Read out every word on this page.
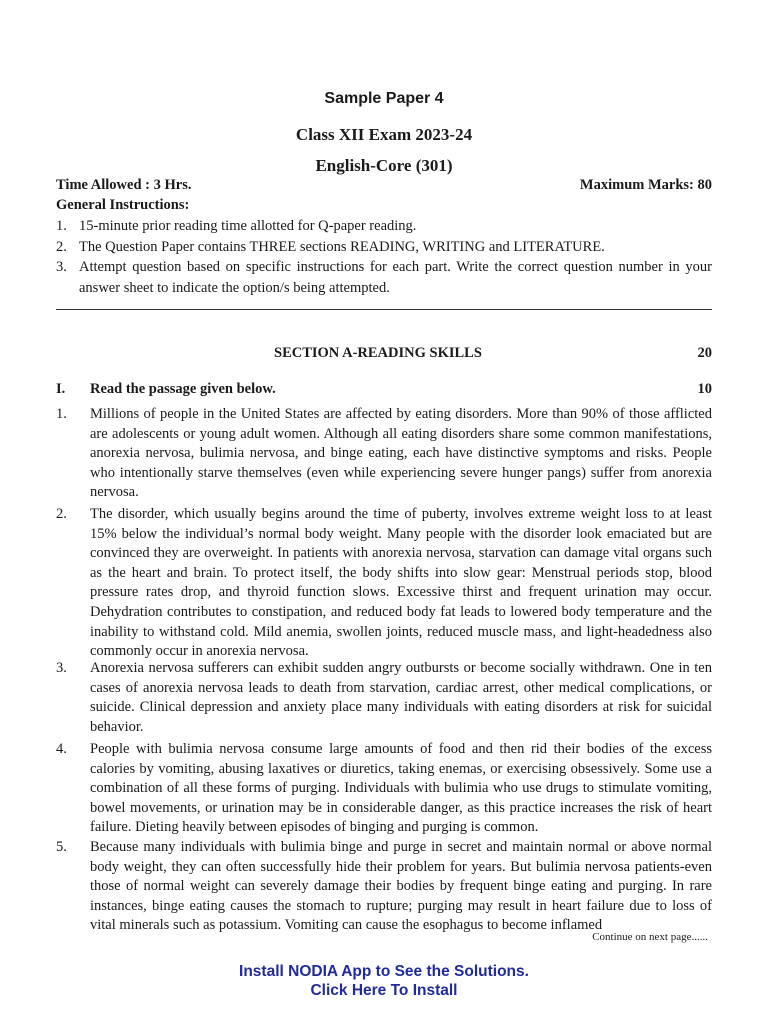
Sample Paper 4
Class XII Exam 2023-24
English-Core (301)
Time Allowed : 3 Hrs.	Maximum Marks: 80
General Instructions:
1. 15-minute prior reading time allotted for Q-paper reading.
2. The Question Paper contains THREE sections READING, WRITING and LITERATURE.
3. Attempt question based on specific instructions for each part. Write the correct question number in your answer sheet to indicate the option/s being attempted.
SECTION A-READING SKILLS	20
I. Read the passage given below.	10
1.	Millions of people in the United States are affected by eating disorders. More than 90% of those afflicted are adolescents or young adult women. Although all eating disorders share some common manifestations, anorexia nervosa, bulimia nervosa, and binge eating, each have distinctive symptoms and risks. People who intentionally starve themselves (even while experiencing severe hunger pangs) suffer from anorexia nervosa.
2.	The disorder, which usually begins around the time of puberty, involves extreme weight loss to at least 15% below the individual’s normal body weight. Many people with the disorder look emaciated but are convinced they are overweight. In patients with anorexia nervosa, starvation can damage vital organs such as the heart and brain. To protect itself, the body shifts into slow gear: Menstrual periods stop, blood pressure rates drop, and thyroid function slows. Excessive thirst and frequent urination may occur. Dehydration contributes to constipation, and reduced body fat leads to lowered body temperature and the inability to withstand cold. Mild anemia, swollen joints, reduced muscle mass, and light-headedness also commonly occur in anorexia nervosa.
3.	Anorexia nervosa sufferers can exhibit sudden angry outbursts or become socially withdrawn. One in ten cases of anorexia nervosa leads to death from starvation, cardiac arrest, other medical complications, or suicide. Clinical depression and anxiety place many individuals with eating disorders at risk for suicidal behavior.
4.	People with bulimia nervosa consume large amounts of food and then rid their bodies of the excess calories by vomiting, abusing laxatives or diuretics, taking enemas, or exercising obsessively. Some use a combination of all these forms of purging. Individuals with bulimia who use drugs to stimulate vomiting, bowel movements, or urination may be in considerable danger, as this practice increases the risk of heart failure. Dieting heavily between episodes of binging and purging is common.
5.	Because many individuals with bulimia binge and purge in secret and maintain normal or above normal body weight, they can often successfully hide their problem for years. But bulimia nervosa patients-even those of normal weight can severely damage their bodies by frequent binge eating and purging. In rare instances, binge eating causes the stomach to rupture; purging may result in heart failure due to loss of vital minerals such as potassium. Vomiting can cause the esophagus to become inflamed
Continue on next page......
Install NODIA App to See the Solutions.
Click Here To Install
